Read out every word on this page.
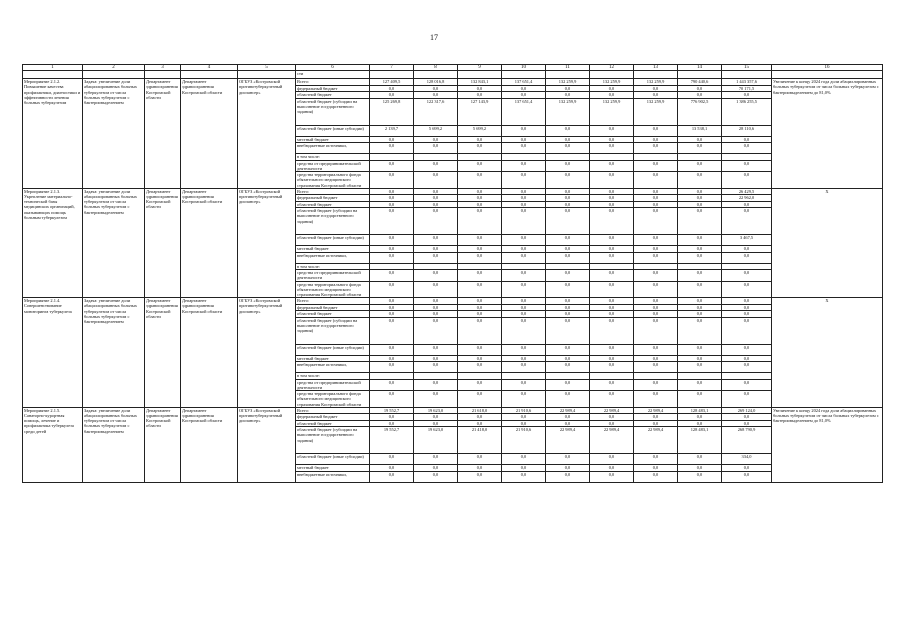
17
1	2	3	4	5	6	7	8	9	10	11	12	13	14	15	16
					сти										
Мероприятие 2.1.2. Повышение качества профилактики, диагностики и эффективности лечения больных туберкулезом	Задача: увеличение доли абациллированных больных туберкулезом от числа больных туберкулезом с бактериовыделением	Департамент здравоохранения Костромской области	Департамент здравоохранения Костромской области	ОГБУЗ «Костромской противотуберкулезный диспансер»	Всего:	127 409,5	128 016,8	132 843,1	137 651,4	132 259,9	132 259,9	132 259,9	790 440,6	1 443 357,6	Увеличение к концу 2024 года доли абациллированных больных туберкулезом от числа больных туберкулезом с бактериовыделением до 81,0%
					федеральный бюджет	0,0	0,0	0,0	0,0	0,0	0,0	0,0	0,0	70 171,5	
					областной бюджет	0,0	0,0	0,0	0,0	0,0	0,0	0,0	0,0	0,0	
					областной бюджет (субсидии на выполнение государственного задания)	125 269,8	122 317,6	127 143,9	137 651,4	132 259,9	132 259,9	132 259,9	776 902,5	1 386 255,5	
					областной бюджет (иные субсидии)	2 139,7	5 699,2	5 699,2	0,0	0,0	0,0	0,0	13 538,1	28 110,6	
					местный бюджет	0,0	0,0	0,0	0,0	0,0	0,0	0,0	0,0	0,0	
					внебюджетные источники,	0,0	0,0	0,0	0,0	0,0	0,0	0,0	0,0	0,0	
					в том числе:										
					средства от предпринимательской деятельности	0,0	0,0	0,0	0,0	0,0	0,0	0,0	0,0	0,0	
					средства территориального фонда обязательного медицинского страхования Костромской области	0,0	0,0	0,0	0,0	0,0	0,0	0,0	0,0	0,0	
Мероприятие 2.1.3. Укрепление материально-технической базы медицинских организаций, оказывающих помощь больным туберкулезом	Задача: увеличение доли абациллированных больных туберкулезом от числа больных туберкулезом с бактериовыделением	Департамент здравоохранения Костромской области	Департамент здравоохранения Костромской области	ОГБУЗ «Костромской противотуберкулезный диспансер»	Всего:	0,0	0,0	0,0	0,0	0,0	0,0	0,0	0,0	26 429,5	Х
					федеральный бюджет	0,0	0,0	0,0	0,0	0,0	0,0	0,0	0,0	22 962,0	
					областной бюджет	0,0	0,0	0,0	0,0	0,0	0,0	0,0	0,0	0,0	
					областной бюджет (субсидии на выполнение государственного задания)	0,0	0,0	0,0	0,0	0,0	0,0	0,0	0,0	0,0	
					областной бюджет (иные субсидии)	0,0	0,0	0,0	0,0	0,0	0,0	0,0	0,0	3 467,5	
					местный бюджет	0,0	0,0	0,0	0,0	0,0	0,0	0,0	0,0	0,0	
					внебюджетные источники,	0,0	0,0	0,0	0,0	0,0	0,0	0,0	0,0	0,0	
					в том числе:										
					средства от предпринимательской деятельности	0,0	0,0	0,0	0,0	0,0	0,0	0,0	0,0	0,0	
					средства территориального фонда обязательного медицинского страхования Костромской области	0,0	0,0	0,0	0,0	0,0	0,0	0,0	0,0	0,0	
Мероприятие 2.1.4. Совершенствование мониторинга туберкулеза	Задача: увеличение доли абациллированных больных туберкулезом от числа больных туберкулезом с бактериовыделением	Департамент здравоохранения Костромской области	Департамент здравоохранения Костромской области	ОГБУЗ «Костромской противотуберкулезный диспансер»	Всего:	0,0	0,0	0,0	0,0	0,0	0,0	0,0	0,0	0,0	Х
					федеральный бюджет	0,0	0,0	0,0	0,0	0,0	0,0	0,0	0,0	0,0	
					областной бюджет	0,0	0,0	0,0	0,0	0,0	0,0	0,0	0,0	0,0	
					областной бюджет (субсидии на выполнение государственного задания)	0,0	0,0	0,0	0,0	0,0	0,0	0,0	0,0	0,0	
					областной бюджет (иные субсидии)	0,0	0,0	0,0	0,0	0,0	0,0	0,0	0,0	0,0	
					местный бюджет	0,0	0,0	0,0	0,0	0,0	0,0	0,0	0,0	0,0	
					внебюджетные источники,	0,0	0,0	0,0	0,0	0,0	0,0	0,0	0,0	0,0	
					в том числе:										
					средства от предпринимательской деятельности	0,0	0,0	0,0	0,0	0,0	0,0	0,0	0,0	0,0	
					средства территориального фонда обязательного медицинского страхования Костромской области	0,0	0,0	0,0	0,0	0,0	0,0	0,0	0,0	0,0	
Мероприятие 2.1.5. Санаторно-курортная помощь, лечение и профилактика туберкулеза среди детей	Задача: увеличение доли абациллированных больных туберкулезом от числа больных туберкулезом с бактериовыделением	Департамент здравоохранения Костромской области	Департамент здравоохранения Костромской области	ОГБУЗ «Костромской противотуберкулезный диспансер»	Всего:	19 552,7	19 623,0	21 618,0	21 910,6	22 989,4	22 989,4	22 989,4	128 483,1	269 124,0	Увеличение к концу 2024 года доли абациллированных больных туберкулезом от числа больных туберкулезом с бактериовыделением до 81,0%
					федеральный бюджет	0,0	0,0	0,0	0,0	0,0	0,0	0,0	0,0	0,0	
					областной бюджет	0,0	0,0	0,0	0,0	0,0	0,0	0,0	0,0	0,0	
					областной бюджет (субсидии на выполнение государственного задания)	19 552,7	19 623,0	21 418,0	21 910,6	22 989,4	22 989,4	22 989,4	128 483,1	268 790,9	
					областной бюджет (иные субсидии)	0,0	0,0	0,0	0,0	0,0	0,0	0,0	0,0	334,0	
					местный бюджет	0,0	0,0	0,0	0,0	0,0	0,0	0,0	0,0	0,0	
					внебюджетные источники,	0,0	0,0	0,0	0,0	0,0	0,0	0,0	0,0	0,0	
